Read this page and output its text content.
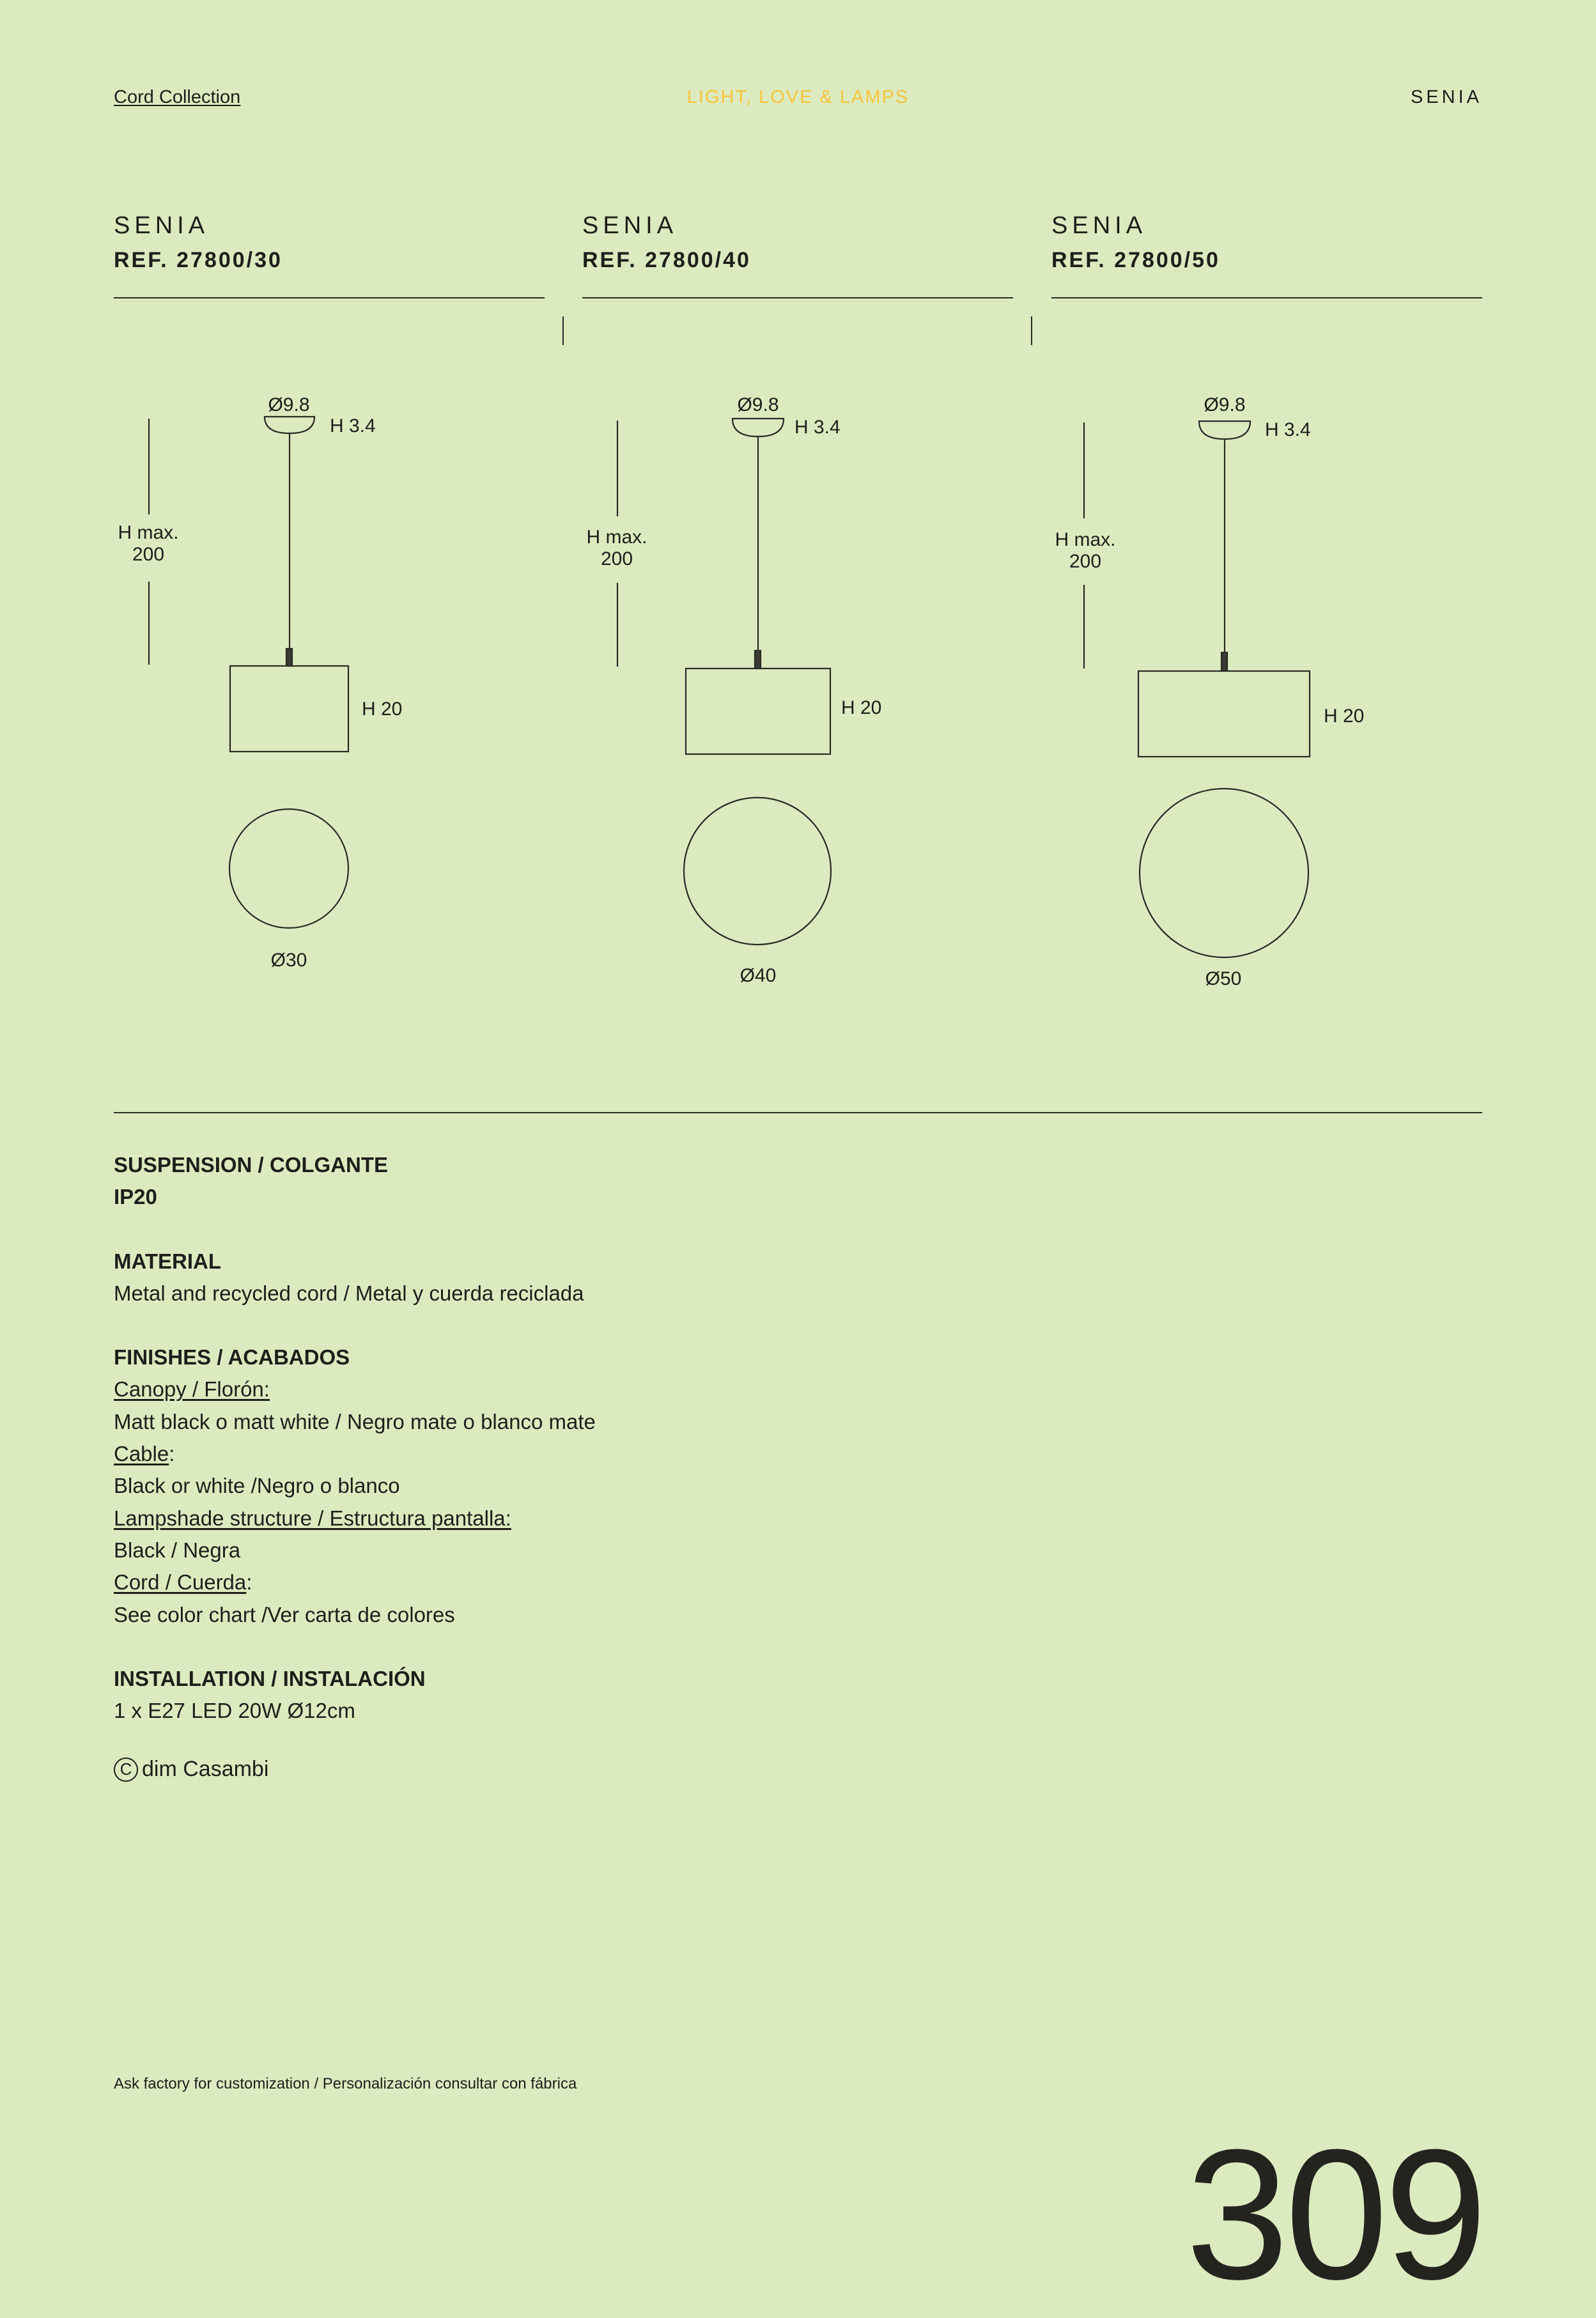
Cord Collection	LIGHT, LOVE & LAMPS	SENIA
SENIA
REF. 27800/30
SENIA
REF. 27800/40
SENIA
REF. 27800/50
Ø9.8
H 3.4
H max.
200
H 20
Ø30
Ø9.8
H 3.4
H max.
200
H 20
Ø40
Ø9.8
H 3.4
H max.
200
H 20
Ø50
SUSPENSION / COLGANTE
IP20
MATERIAL
Metal and recycled cord / Metal y cuerda reciclada
FINISHES / ACABADOS
Canopy / Florón:
Matt black o matt white / Negro mate o blanco mate
Cable:
Black or white /Negro o blanco
Lampshade structure / Estructura pantalla:
Black / Negra
Cord / Cuerda:
See color chart /Ver carta de colores
INSTALLATION / INSTALACIÓN
1 x E27 LED 20W Ø12cm
C dim Casambi
Ask factory for customization / Personalización consultar con fábrica
309
